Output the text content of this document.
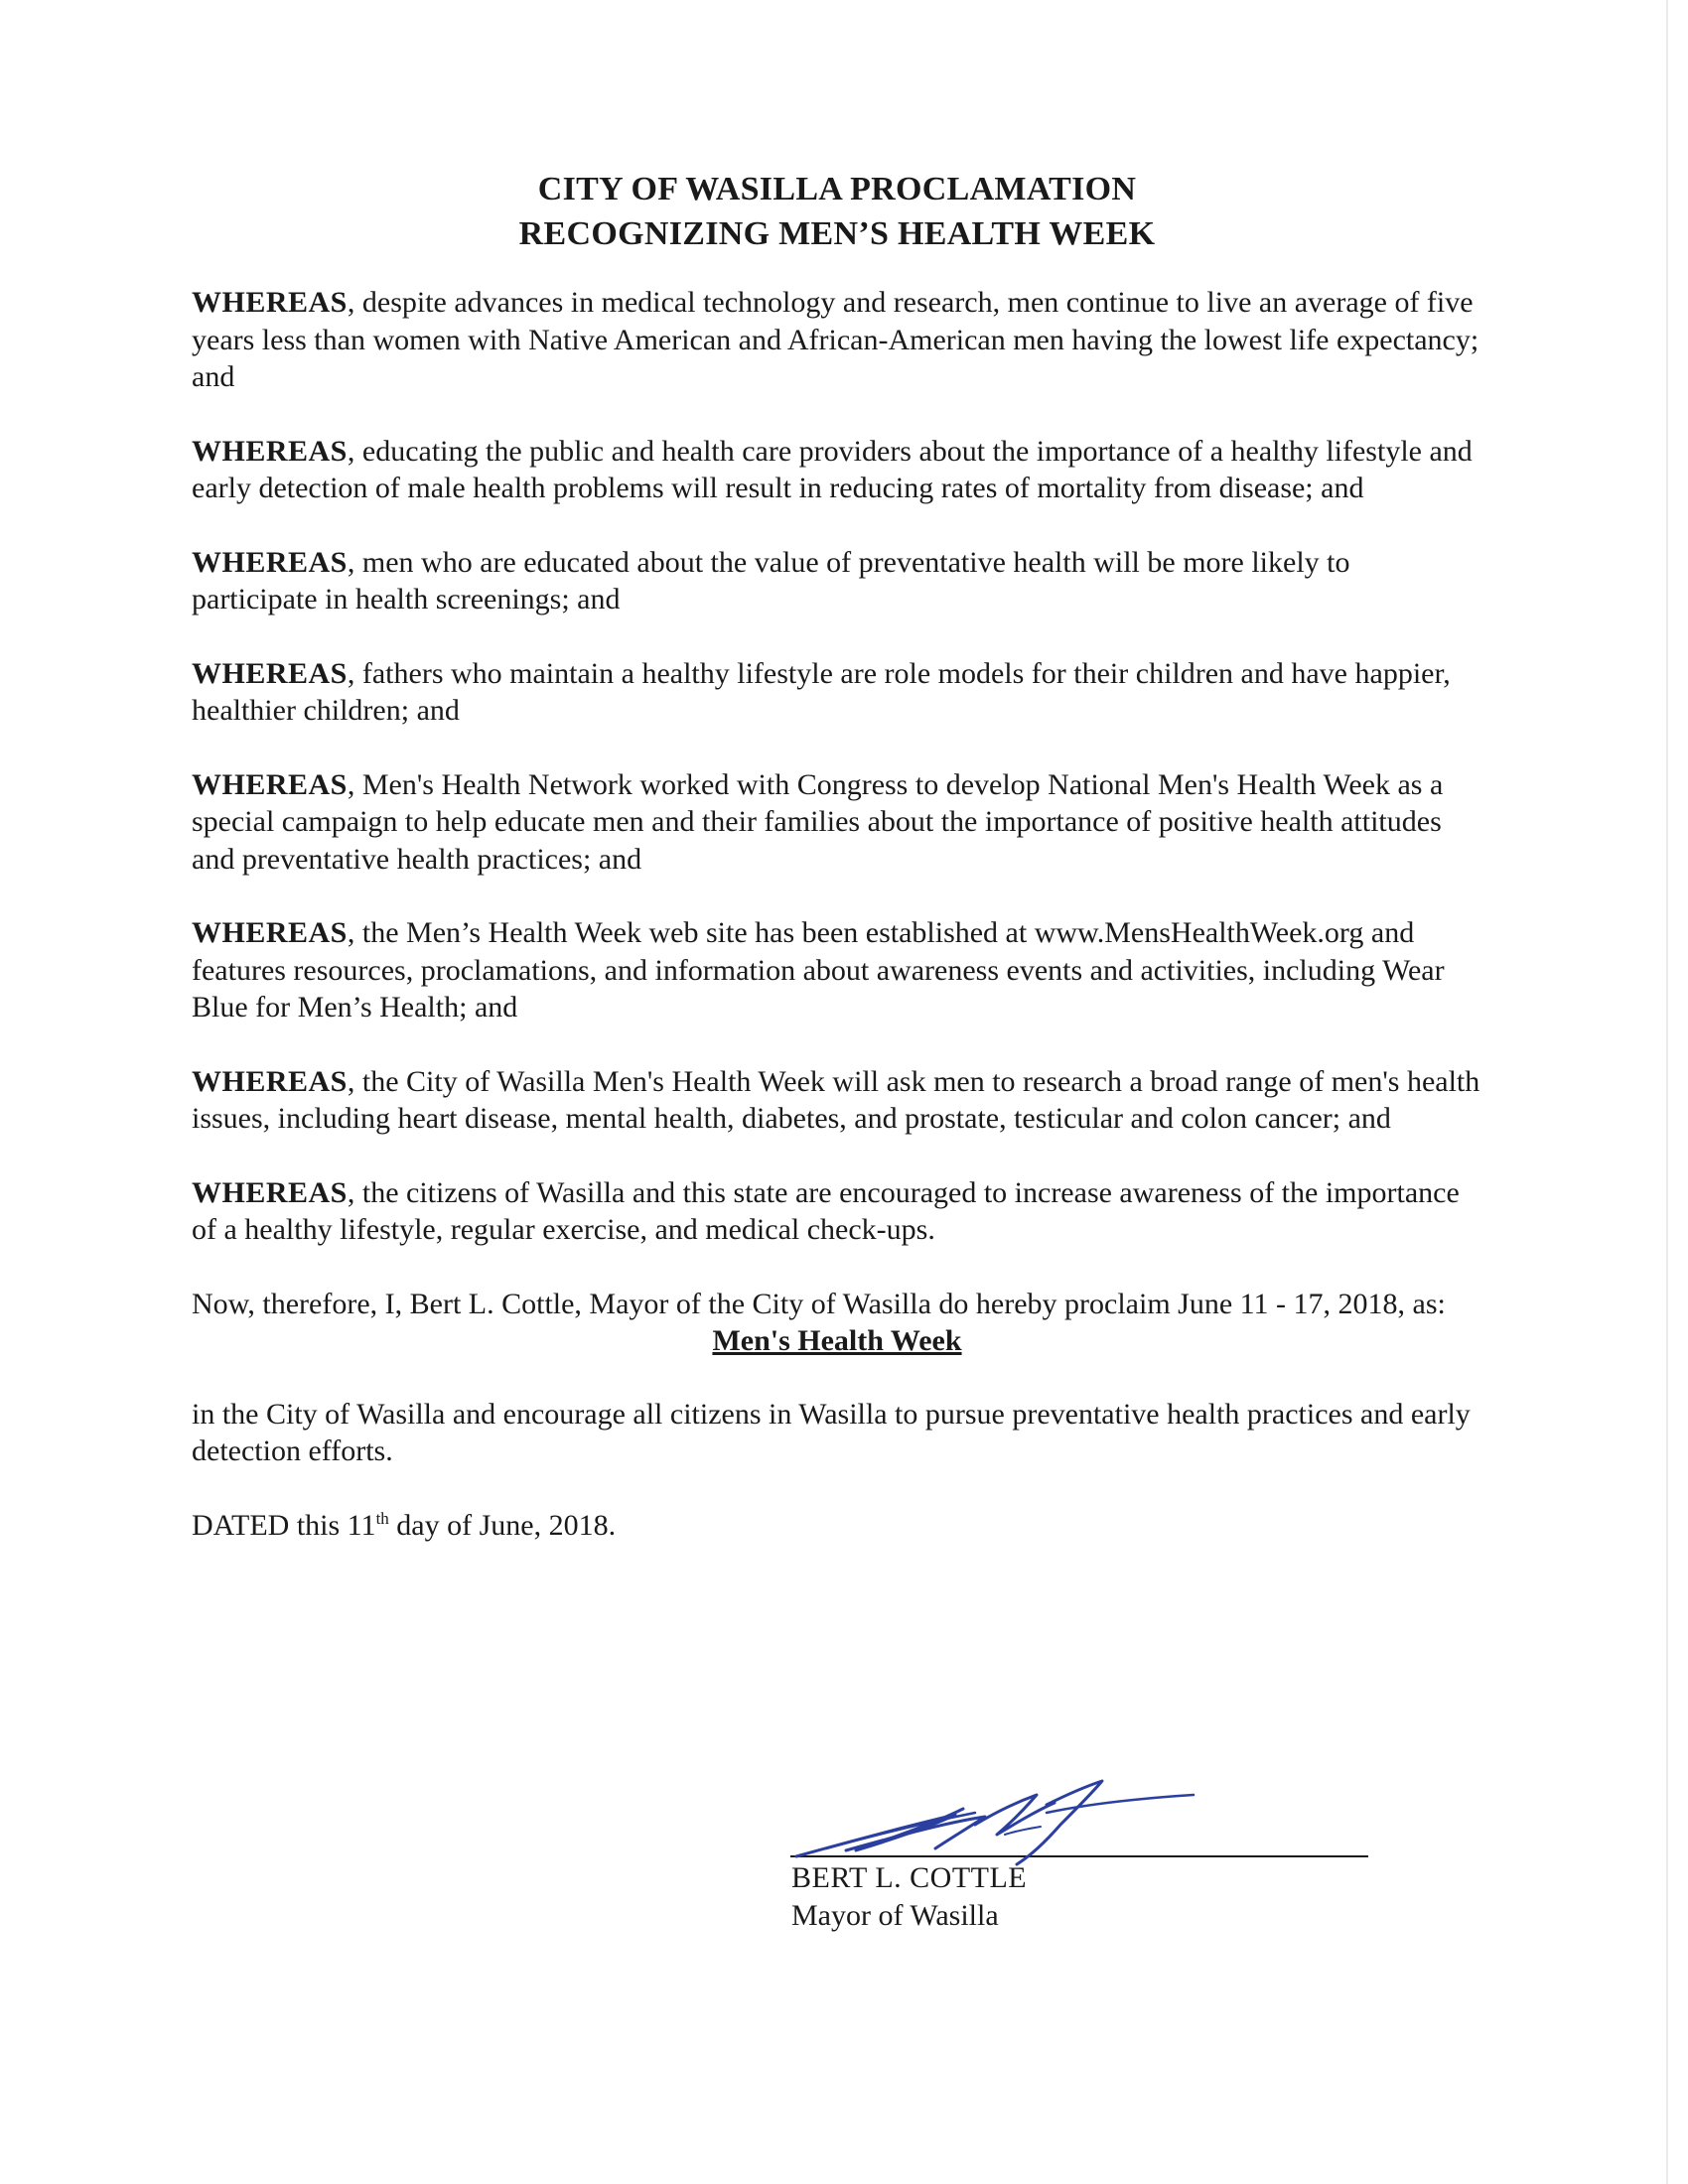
CITY OF WASILLA PROCLAMATION
RECOGNIZING MEN’S HEALTH WEEK

WHEREAS, despite advances in medical technology and research, men continue to live an average of five years less than women with Native American and African-American men having the lowest life expectancy; and

WHEREAS, educating the public and health care providers about the importance of a healthy lifestyle and early detection of male health problems will result in reducing rates of mortality from disease; and

WHEREAS, men who are educated about the value of preventative health will be more likely to participate in health screenings; and

WHEREAS, fathers who maintain a healthy lifestyle are role models for their children and have happier, healthier children; and

WHEREAS, Men's Health Network worked with Congress to develop National Men's Health Week as a special campaign to help educate men and their families about the importance of positive health attitudes and preventative health practices; and

WHEREAS, the Men’s Health Week web site has been established at www.MensHealthWeek.org and features resources, proclamations, and information about awareness events and activities, including Wear Blue for Men’s Health; and

WHEREAS, the City of Wasilla Men's Health Week will ask men to research a broad range of men's health issues, including heart disease, mental health, diabetes, and prostate, testicular and colon cancer; and

WHEREAS, the citizens of Wasilla and this state are encouraged to increase awareness of the importance of a healthy lifestyle, regular exercise, and medical check-ups.

Now, therefore, I, Bert L. Cottle, Mayor of the City of Wasilla do hereby proclaim June 11 - 17, 2018, as:

Men's Health Week

in the City of Wasilla and encourage all citizens in Wasilla to pursue preventative health practices and early detection efforts.

DATED this 11th day of June, 2018.

BERT L. COTTLE
Mayor of Wasilla
